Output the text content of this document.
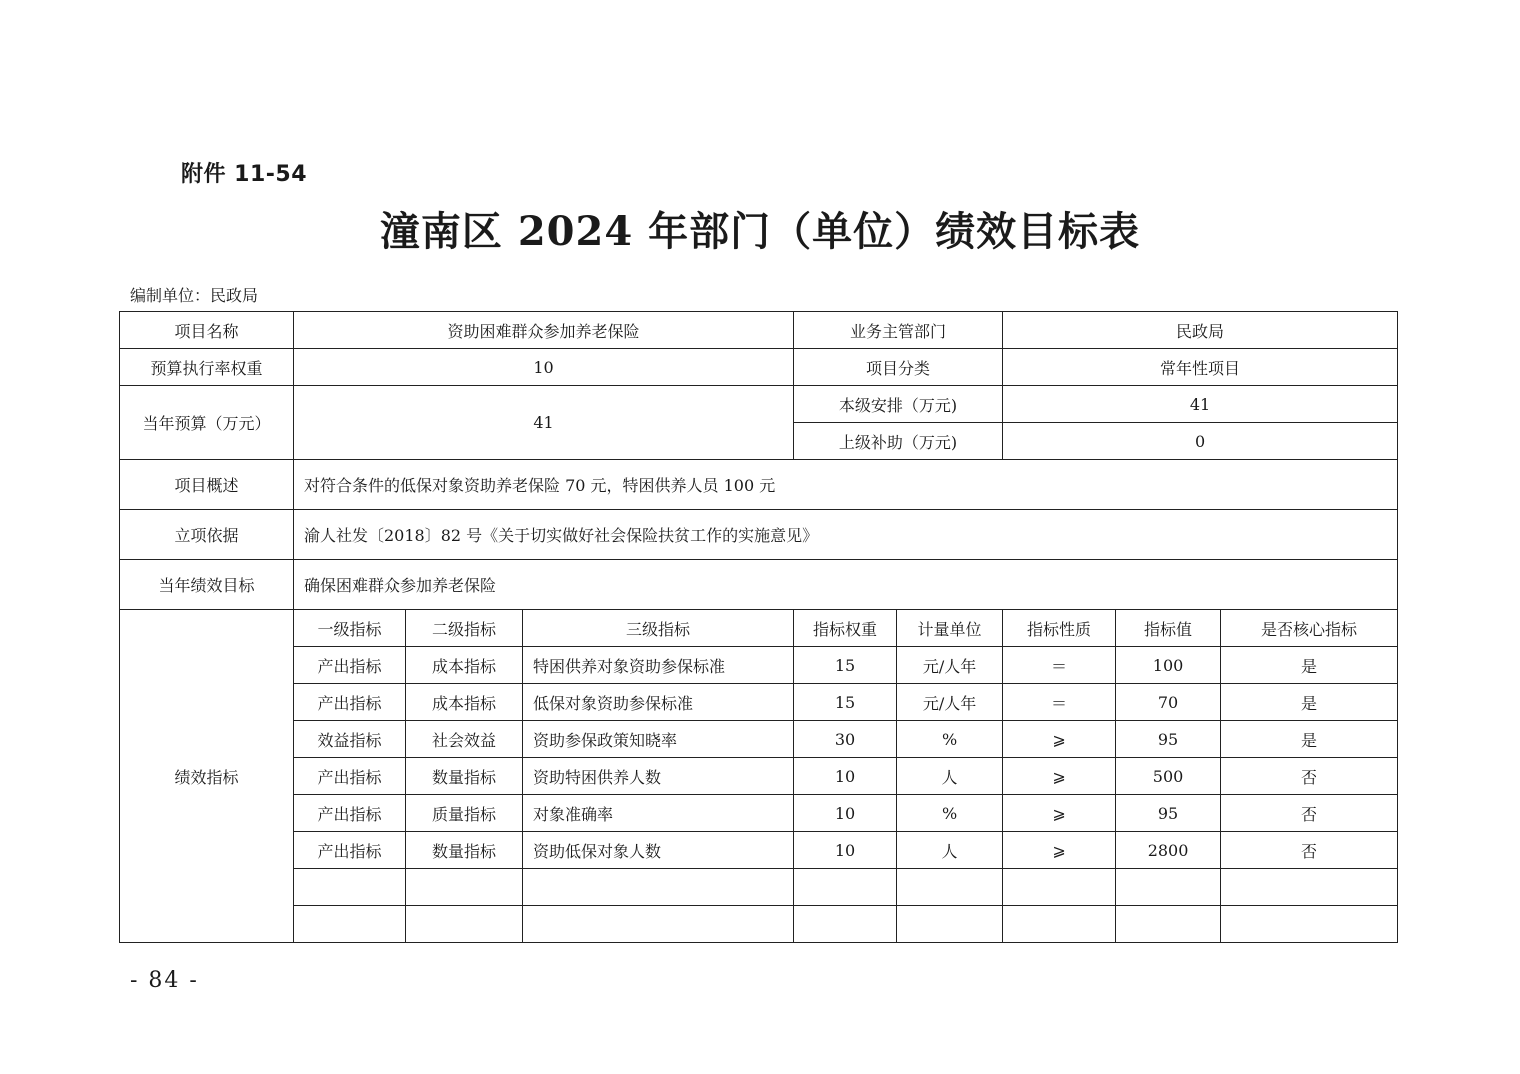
附件 11-54
潼南区 2024 年部门（单位）绩效目标表
编制单位：民政局
项目名称	资助困难群众参加养老保险			业务主管部门		民政局		
预算执行率权重	10			项目分类		常年性项目		
当年预算（万元）	41			本级安排（万元)		41		
				上级补助（万元)		0		
项目概述	对符合条件的低保对象资助养老保险 70 元，特困供养人员 100 元							
立项依据	渝人社发〔2018〕82 号《关于切实做好社会保险扶贫工作的实施意见》							
当年绩效目标	确保困难群众参加养老保险							
绩效指标	一级指标	二级指标	三级指标	指标权重	计量单位	指标性质	指标值	是否核心指标
	产出指标	成本指标	特困供养对象资助参保标准	15	元/人年	＝	100	是
	产出指标	成本指标	低保对象资助参保标准	15	元/人年	＝	70	是
	效益指标	社会效益	资助参保政策知晓率	30	%	⩾	95	是
	产出指标	数量指标	资助特困供养人数	10	人	⩾	500	否
	产出指标	质量指标	对象准确率	10	%	⩾	95	否
	产出指标	数量指标	资助低保对象人数	10	人	⩾	2800	否

- 84 -
